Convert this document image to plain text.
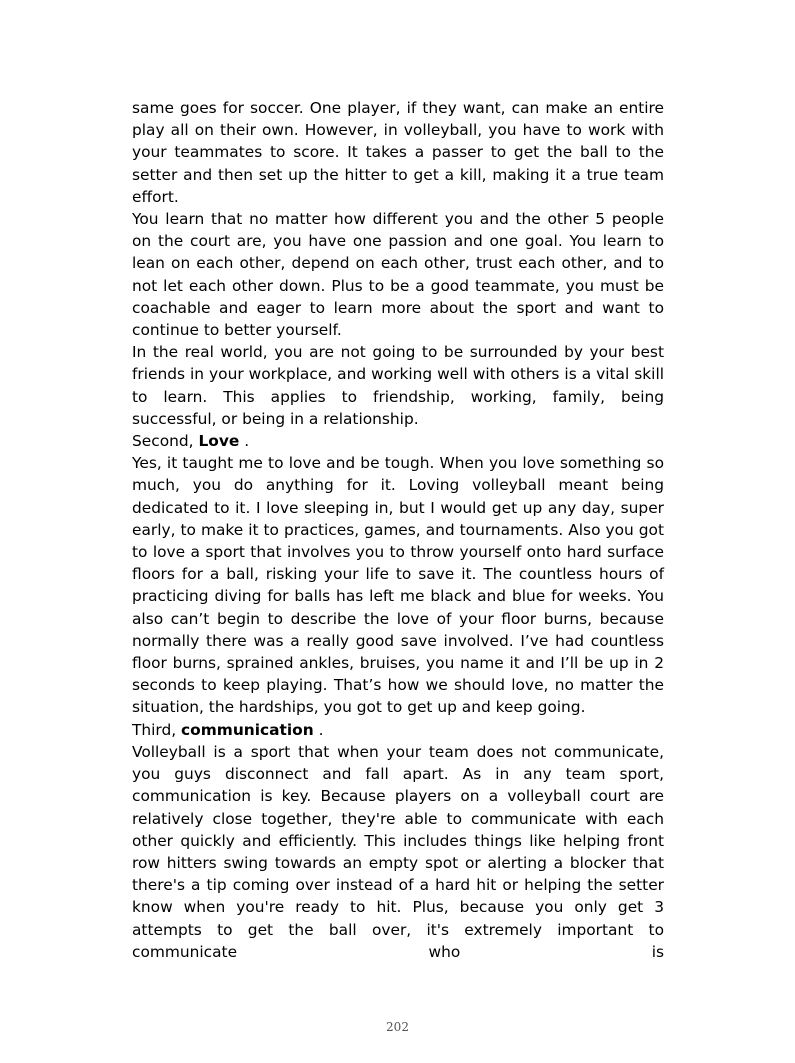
same goes for soccer. One player, if they want, can make an entire play all on their own. However, in volleyball, you have to work with your teammates to score. It takes a passer to get the ball to the setter and then set up the hitter to get a kill, making it a true team effort.

You learn that no matter how different you and the other 5 people on the court are, you have one passion and one goal. You learn to lean on each other, depend on each other, trust each other, and to not let each other down. Plus to be a good teammate, you must be coachable and eager to learn more about the sport and want to continue to better yourself.

In the real world, you are not going to be surrounded by your best friends in your workplace, and working well with others is a vital skill to learn. This applies to friendship, working, family, being successful, or being in a relationship.

Second, Love .

Yes, it taught me to love and be tough. When you love something so much, you do anything for it. Loving volleyball meant being dedicated to it. I love sleeping in, but I would get up any day, super early, to make it to practices, games, and tournaments. Also you got to love a sport that involves you to throw yourself onto hard surface floors for a ball, risking your life to save it. The countless hours of practicing diving for balls has left me black and blue for weeks. You also can’t begin to describe the love of your floor burns, because normally there was a really good save involved. I’ve had countless floor burns, sprained ankles, bruises, you name it and I’ll be up in 2 seconds to keep playing. That’s how we should love, no matter the situation, the hardships, you got to get up and keep going.

Third, communication .

Volleyball is a sport that when your team does not communicate, you guys disconnect and fall apart. As in any team sport, communication is key. Because players on a volleyball court are relatively close together, they're able to communicate with each other quickly and efficiently. This includes things like helping front row hitters swing towards an empty spot or alerting a blocker that there's a tip coming over instead of a hard hit or helping the setter know when you're ready to hit. Plus, because you only get 3 attempts to get the ball over, it's extremely important to communicate who is

202
